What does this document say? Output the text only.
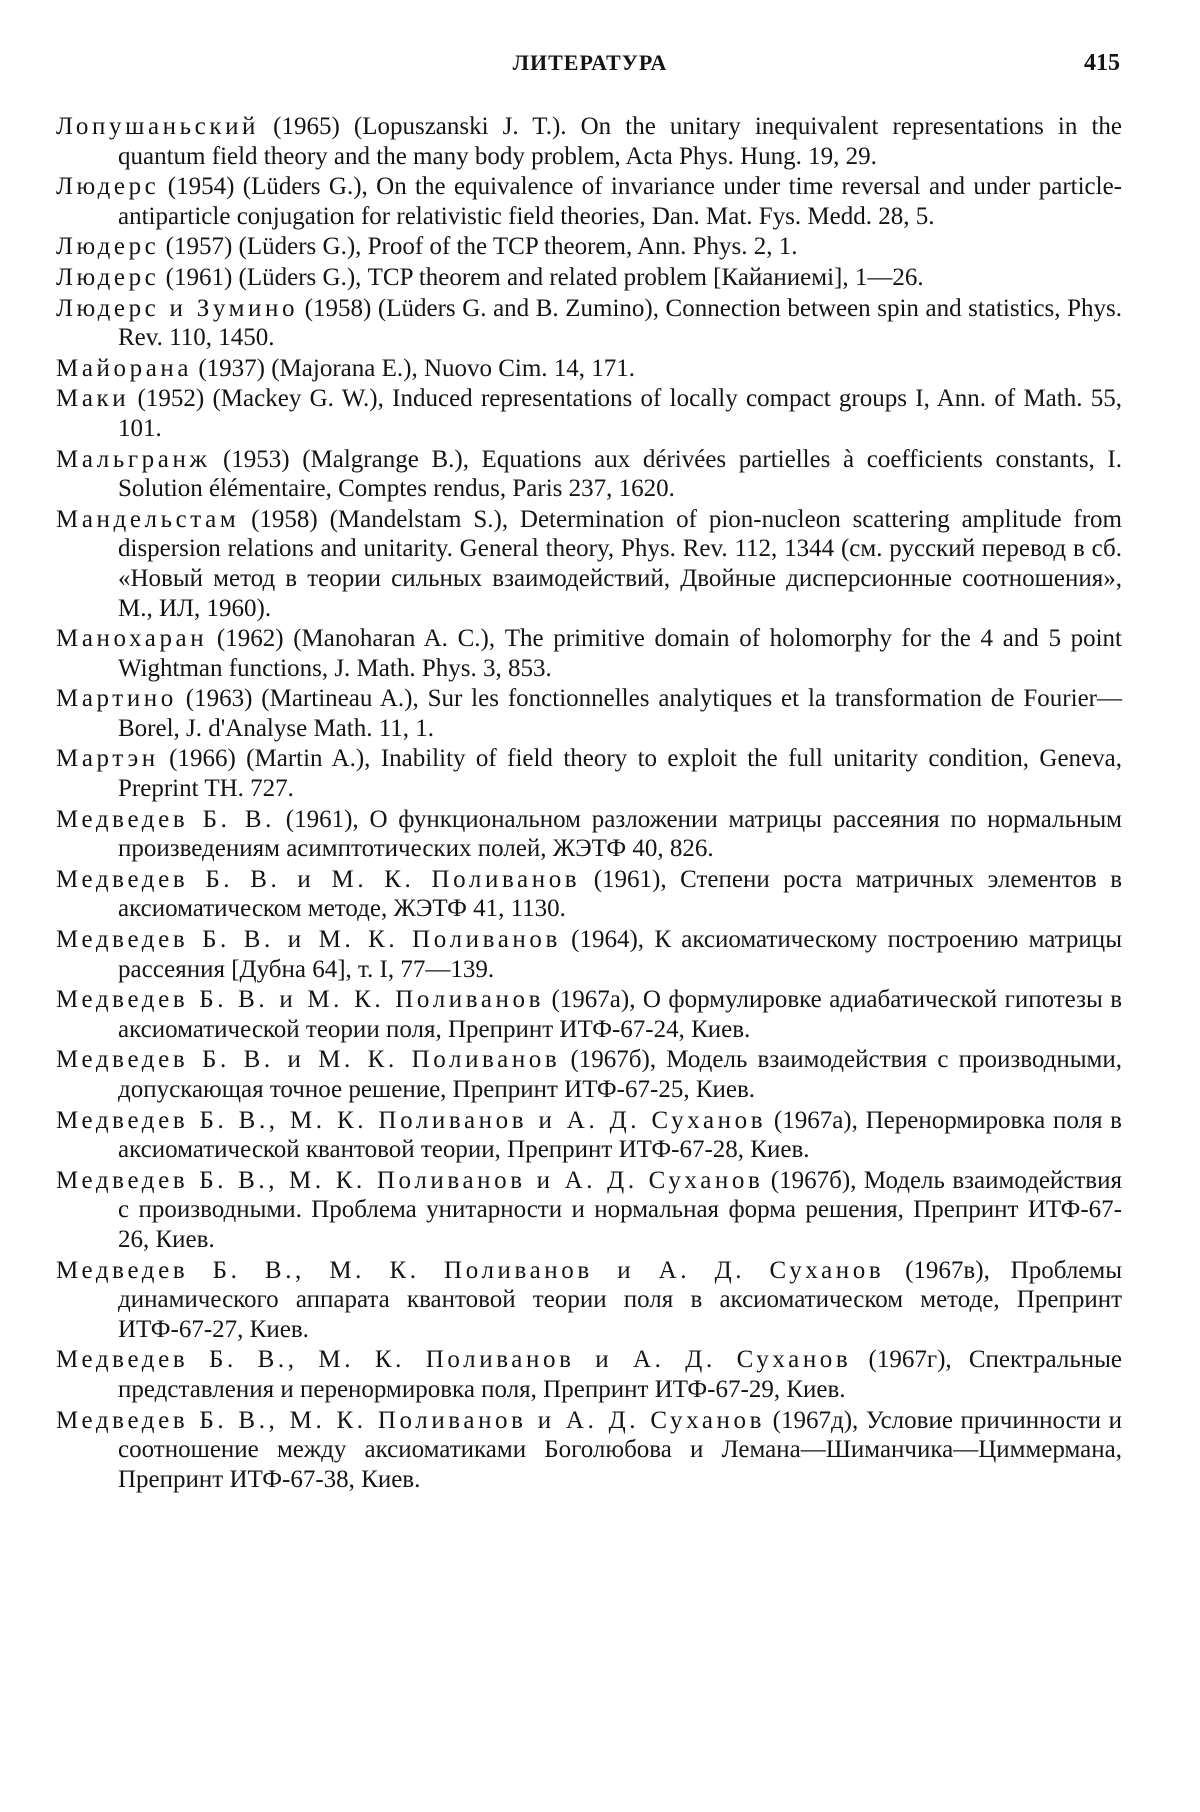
ЛИТЕРАТУРА	415

Лопушаньский (1965) (Lopuszanski J. T.). On the unitary inequivalent representations in the quantum field theory and the many body problem, Acta Phys. Hung. 19, 29.

Людерс (1954) (Lüders G.), On the equivalence of invariance under time reversal and under particle-antiparticle conjugation for relativistic field theories, Dan. Mat. Fys. Medd. 28, 5.

Людерс (1957) (Lüders G.), Proof of the TCP theorem, Ann. Phys. 2, 1.

Людерс (1961) (Lüders G.), TCP theorem and related problem [Кайаниемі], 1—26.

Людерс и Зумино (1958) (Lüders G. and B. Zumino), Connection between spin and statistics, Phys. Rev. 110, 1450.

Майорана (1937) (Majorana E.), Nuovo Cim. 14, 171.

Маки (1952) (Mackey G. W.), Induced representations of locally compact groups I, Ann. of Math. 55, 101.

Мальгранж (1953) (Malgrange B.), Equations aux dérivées partielles à coefficients constants, I. Solution élémentaire, Comptes rendus, Paris 237, 1620.

Мандельстам (1958) (Mandelstam S.), Determination of pion-nucleon scattering amplitude from dispersion relations and unitarity. General theory, Phys. Rev. 112, 1344 (см. русский перевод в сб. «Новый метод в теории сильных взаимодействий, Двойные дисперсионные соотношения», М., ИЛ, 1960).

Манохаран (1962) (Manoharan A. C.), The primitive domain of holomorphy for the 4 and 5 point Wightman functions, J. Math. Phys. 3, 853.

Мартино (1963) (Martineau A.), Sur les fonctionnelles analytiques et la transformation de Fourier—Borel, J. d'Analyse Math. 11, 1.

Мартэн (1966) (Martin A.), Inability of field theory to exploit the full unitarity condition, Geneva, Preprint TH. 727.

Медведев Б. В. (1961), О функциональном разложении матрицы рассеяния по нормальным произведениям асимптотических полей, ЖЭТФ 40, 826.

Медведев Б. В. и М. К. Поливанов (1961), Степени роста матричных элементов в аксиоматическом методе, ЖЭТФ 41, 1130.

Медведев Б. В. и М. К. Поливанов (1964), К аксиоматическому построению матрицы рассеяния [Дубна 64], т. I, 77—139.

Медведев Б. В. и М. К. Поливанов (1967а), О формулировке адиабатической гипотезы в аксиоматической теории поля, Препринт ИТФ-67-24, Киев.

Медведев Б. В. и М. К. Поливанов (1967б), Модель взаимодействия с производными, допускающая точное решение, Препринт ИТФ-67-25, Киев.

Медведев Б. В., М. К. Поливанов и А. Д. Суханов (1967а), Перенормировка поля в аксиоматической квантовой теории, Препринт ИТФ-67-28, Киев.

Медведев Б. В., М. К. Поливанов и А. Д. Суханов (1967б), Модель взаимодействия с производными. Проблема унитарности и нормальная форма решения, Препринт ИТФ-67-26, Киев.

Медведев Б. В., М. К. Поливанов и А. Д. Суханов (1967в), Проблемы динамического аппарата квантовой теории поля в аксиоматическом методе, Препринт ИТФ-67-27, Киев.

Медведев Б. В., М. К. Поливанов и А. Д. Суханов (1967г), Спектральные представления и перенормировка поля, Препринт ИТФ-67-29, Киев.

Медведев Б. В., М. К. Поливанов и А. Д. Суханов (1967д), Условие причинности и соотношение между аксиоматиками Боголюбова и Лемана—Шиманчика—Циммермана, Препринт ИТФ-67-38, Киев.
